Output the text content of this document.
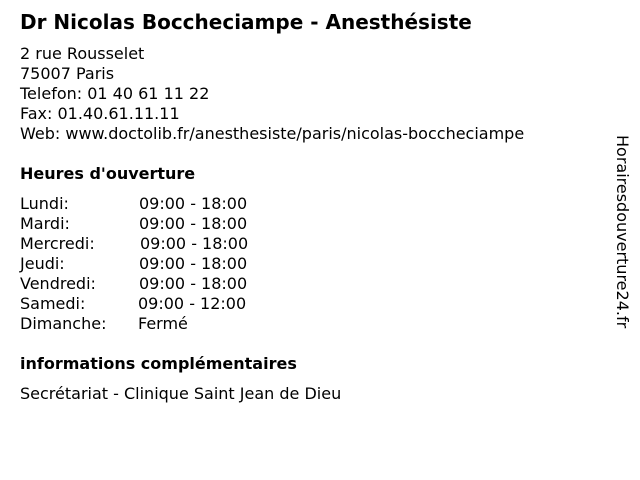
Dr Nicolas Boccheciampe - Anesthésiste
2 rue Rousselet
75007 Paris
Telefon: 01 40 61 11 22
Fax: 01.40.61.11.11
Web: www.doctolib.fr/anesthesiste/paris/nicolas-boccheciampe
Heures d'ouverture
Lundi:	09:00 - 18:00
Mardi:	09:00 - 18:00
Mercredi:	09:00 - 18:00
Jeudi:	09:00 - 18:00
Vendredi:	09:00 - 18:00
Samedi:	09:00 - 12:00
Dimanche: Fermé
informations complémentaires
Secrétariat - Clinique Saint Jean de Dieu
Horairesdouverture24.fr
